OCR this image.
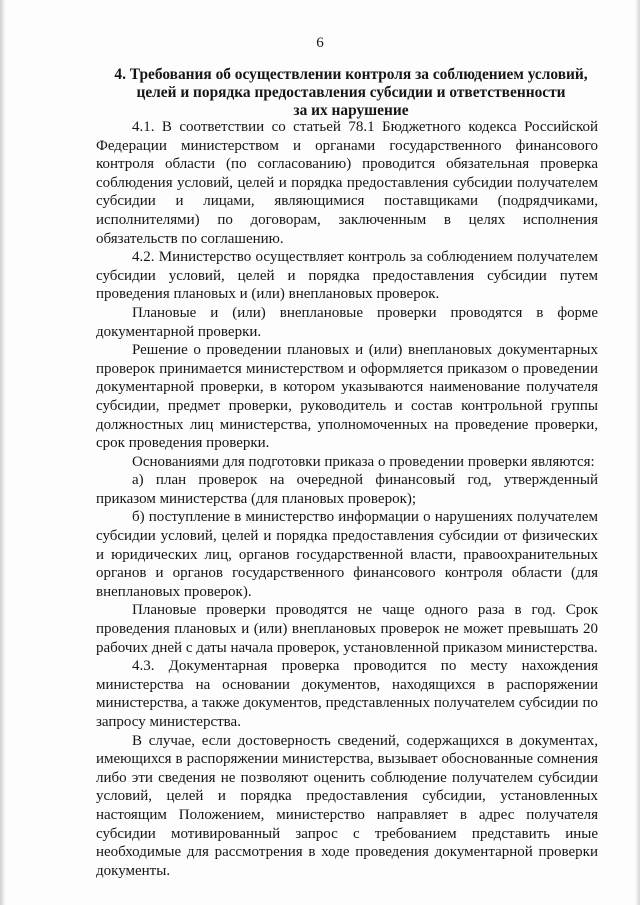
6
4. Требования об осуществлении контроля за соблюдением условий,
целей и порядка предоставления субсидии и ответственности
за их нарушение

4.1. В соответствии со статьей 78.1 Бюджетного кодекса Российской Федерации министерством и органами государственного финансового контроля области (по согласованию) проводится обязательная проверка соблюдения условий, целей и порядка предоставления субсидии получателем субсидии и лицами, являющимися поставщиками (подрядчиками, исполнителями) по договорам, заключенным в целях исполнения обязательств по соглашению.

4.2. Министерство осуществляет контроль за соблюдением получателем субсидии условий, целей и порядка предоставления субсидии путем проведения плановых и (или) внеплановых проверок.

Плановые и (или) внеплановые проверки проводятся в форме документарной проверки.

Решение о проведении плановых и (или) внеплановых документарных проверок принимается министерством и оформляется приказом о проведении документарной проверки, в котором указываются наименование получателя субсидии, предмет проверки, руководитель и состав контрольной группы должностных лиц министерства, уполномоченных на проведение проверки, срок проведения проверки.

Основаниями для подготовки приказа о проведении проверки являются:

а) план проверок на очередной финансовый год, утвержденный приказом министерства (для плановых проверок);

б) поступление в министерство информации о нарушениях получателем субсидии условий, целей и порядка предоставления субсидии от физических и юридических лиц, органов государственной власти, правоохранительных органов и органов государственного финансового контроля области (для внеплановых проверок).

Плановые проверки проводятся не чаще одного раза в год. Срок проведения плановых и (или) внеплановых проверок не может превышать 20 рабочих дней с даты начала проверок, установленной приказом министерства.

4.3. Документарная проверка проводится по месту нахождения министерства на основании документов, находящихся в распоряжении министерства, а также документов, представленных получателем субсидии по запросу министерства.

В случае, если достоверность сведений, содержащихся в документах, имеющихся в распоряжении министерства, вызывает обоснованные сомнения либо эти сведения не позволяют оценить соблюдение получателем субсидии условий, целей и порядка предоставления субсидии, установленных настоящим Положением, министерство направляет в адрес получателя субсидии мотивированный запрос с требованием представить иные необходимые для рассмотрения в ходе проведения документарной проверки документы.
